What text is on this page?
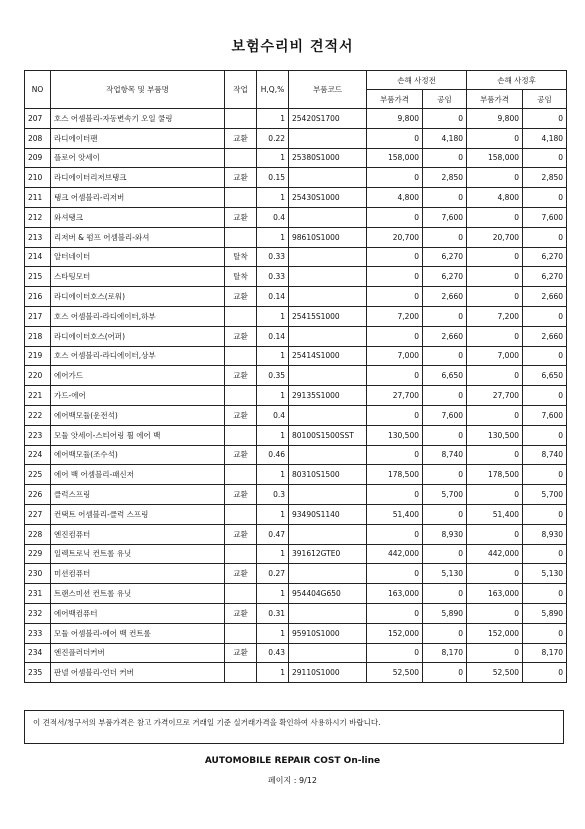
보험수리비 견적서
NO	작업항목 및 부품명	작업	H,Q,%	부품코드	손해 사정전		손해 사정후	
					부품가격	공임	부품가격	공임
207	호스 어셈블리-자동변속기 오일 쿨링		1	25420S1700	9,800	0	9,800	0
208	라디에이터팬	교환	0.22		0	4,180	0	4,180
209	플로어 앗세이		1	25380S1000	158,000	0	158,000	0
210	라디에이터리저브탱크	교환	0.15		0	2,850	0	2,850
211	탱크 어셈블리-리저버		1	25430S1000	4,800	0	4,800	0
212	와셔탱크	교환	0.4		0	7,600	0	7,600
213	리저버 & 펌프 어셈블리-와셔		1	98610S1000	20,700	0	20,700	0
214	알터네이터	탈착	0.33		0	6,270	0	6,270
215	스타팅모터	탈착	0.33		0	6,270	0	6,270
216	라디에이터호스(로워)	교환	0.14		0	2,660	0	2,660
217	호스 어셈블리-라디에이터,하부		1	25415S1000	7,200	0	7,200	0
218	라디에이터호스(어퍼)	교환	0.14		0	2,660	0	2,660
219	호스 어셈블리-라디에이터,상부		1	25414S1000	7,000	0	7,000	0
220	에어가드	교환	0.35		0	6,650	0	6,650
221	가드-에어		1	29135S1000	27,700	0	27,700	0
222	에어백모듈(운전석)	교환	0.4		0	7,600	0	7,600
223	모듈 앗세이-스티어링 휠 에어 백		1	80100S1500SST	130,500	0	130,500	0
224	에어백모듈(조수석)	교환	0.46		0	8,740	0	8,740
225	에어 백 어셈블리-패신저		1	80310S1500	178,500	0	178,500	0
226	클럭스프링	교환	0.3		0	5,700	0	5,700
227	컨택트 어셈블리-클럭 스프링		1	93490S1140	51,400	0	51,400	0
228	엔진컴퓨터	교환	0.47		0	8,930	0	8,930
229	일렉트로닉 컨트롤 유닛		1	391612GTE0	442,000	0	442,000	0
230	미션컴퓨터	교환	0.27		0	5,130	0	5,130
231	트랜스미션 컨트롤 유닛		1	954404G650	163,000	0	163,000	0
232	에어백컴퓨터	교환	0.31		0	5,890	0	5,890
233	모듈 어셈블리-에어 백 컨트롤		1	95910S1000	152,000	0	152,000	0
234	엔진플러더커버	교환	0.43		0	8,170	0	8,170
235	판넬 어셈블리-언더 커버		1	29110S1000	52,500	0	52,500	0
이 견적서/청구서의 부품가격은 참고 가격이므로 거래일 기준 실거래가격을 확인하여 사용하시기 바랍니다.
AUTOMOBILE REPAIR COST On-line
페이지 : 9/12
